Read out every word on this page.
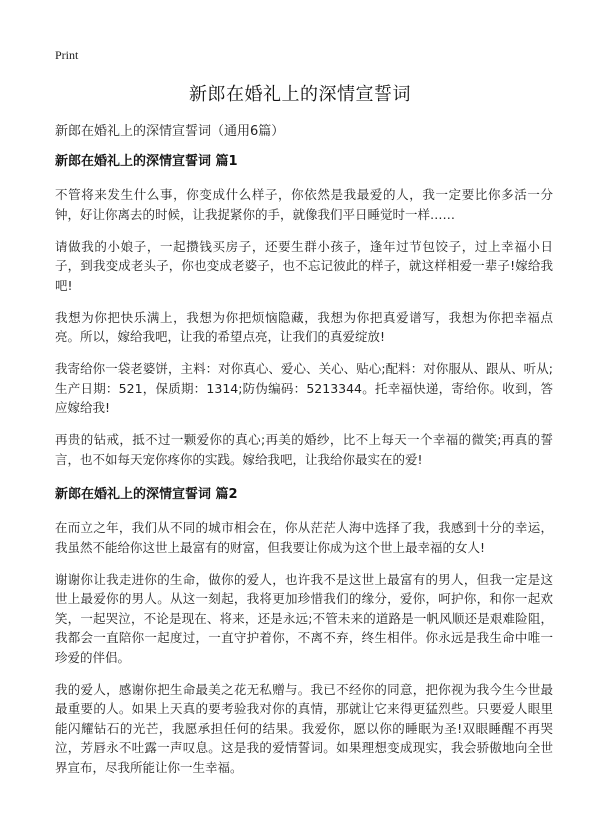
Print
新郎在婚礼上的深情宣誓词
新郎在婚礼上的深情宣誓词（通用6篇）
新郎在婚礼上的深情宣誓词 篇1

不管将来发生什么事，你变成什么样子，你依然是我最爱的人，我一定要比你多活一分钟，好让你离去的时候，让我捉紧你的手，就像我们平日睡觉时一样……

请做我的小娘子，一起攒钱买房子，还要生群小孩子，逢年过节包饺子，过上幸福小日子，到我变成老头子，你也变成老婆子，也不忘记彼此的样子，就这样相爱一辈子!嫁给我吧!

我想为你把快乐满上，我想为你把烦恼隐藏，我想为你把真爱谱写，我想为你把幸福点亮。所以，嫁给我吧，让我的希望点亮，让我们的真爱绽放!

我寄给你一袋老婆饼，主料：对你真心、爱心、关心、贴心;配料：对你服从、跟从、听从;生产日期：521，保质期：1314;防伪编码：5213344。托幸福快递，寄给你。收到，答应嫁给我!

再贵的钻戒，抵不过一颗爱你的真心;再美的婚纱，比不上每天一个幸福的微笑;再真的誓言，也不如每天宠你疼你的实践。嫁给我吧，让我给你最实在的爱!

新郎在婚礼上的深情宣誓词 篇2

在而立之年，我们从不同的城市相会在，你从茫茫人海中选择了我，我感到十分的幸运，我虽然不能给你这世上最富有的财富，但我要让你成为这个世上最幸福的女人!

谢谢你让我走进你的生命，做你的爱人，也许我不是这世上最富有的男人，但我一定是这世上最爱你的男人。从这一刻起，我将更加珍惜我们的缘分，爱你，呵护你，和你一起欢笑，一起哭泣，不论是现在、将来，还是永远;不管未来的道路是一帆风顺还是艰难险阻，我都会一直陪你一起度过，一直守护着你，不离不弃，终生相伴。你永远是我生命中唯一珍爱的伴侣。

我的爱人，感谢你把生命最美之花无私赠与。我已不经你的同意，把你视为我今生今世最最重要的人。如果上天真的要考验我对你的真情，那就让它来得更猛烈些。只要爱人眼里能闪耀钻石的光芒，我愿承担任何的结果。我爱你，愿以你的睡眠为圣!双眼睡醒不再哭泣，芳唇永不吐露一声叹息。这是我的爱情誓词。如果理想变成现实，我会骄傲地向全世界宣布，尽我所能让你一生幸福。
